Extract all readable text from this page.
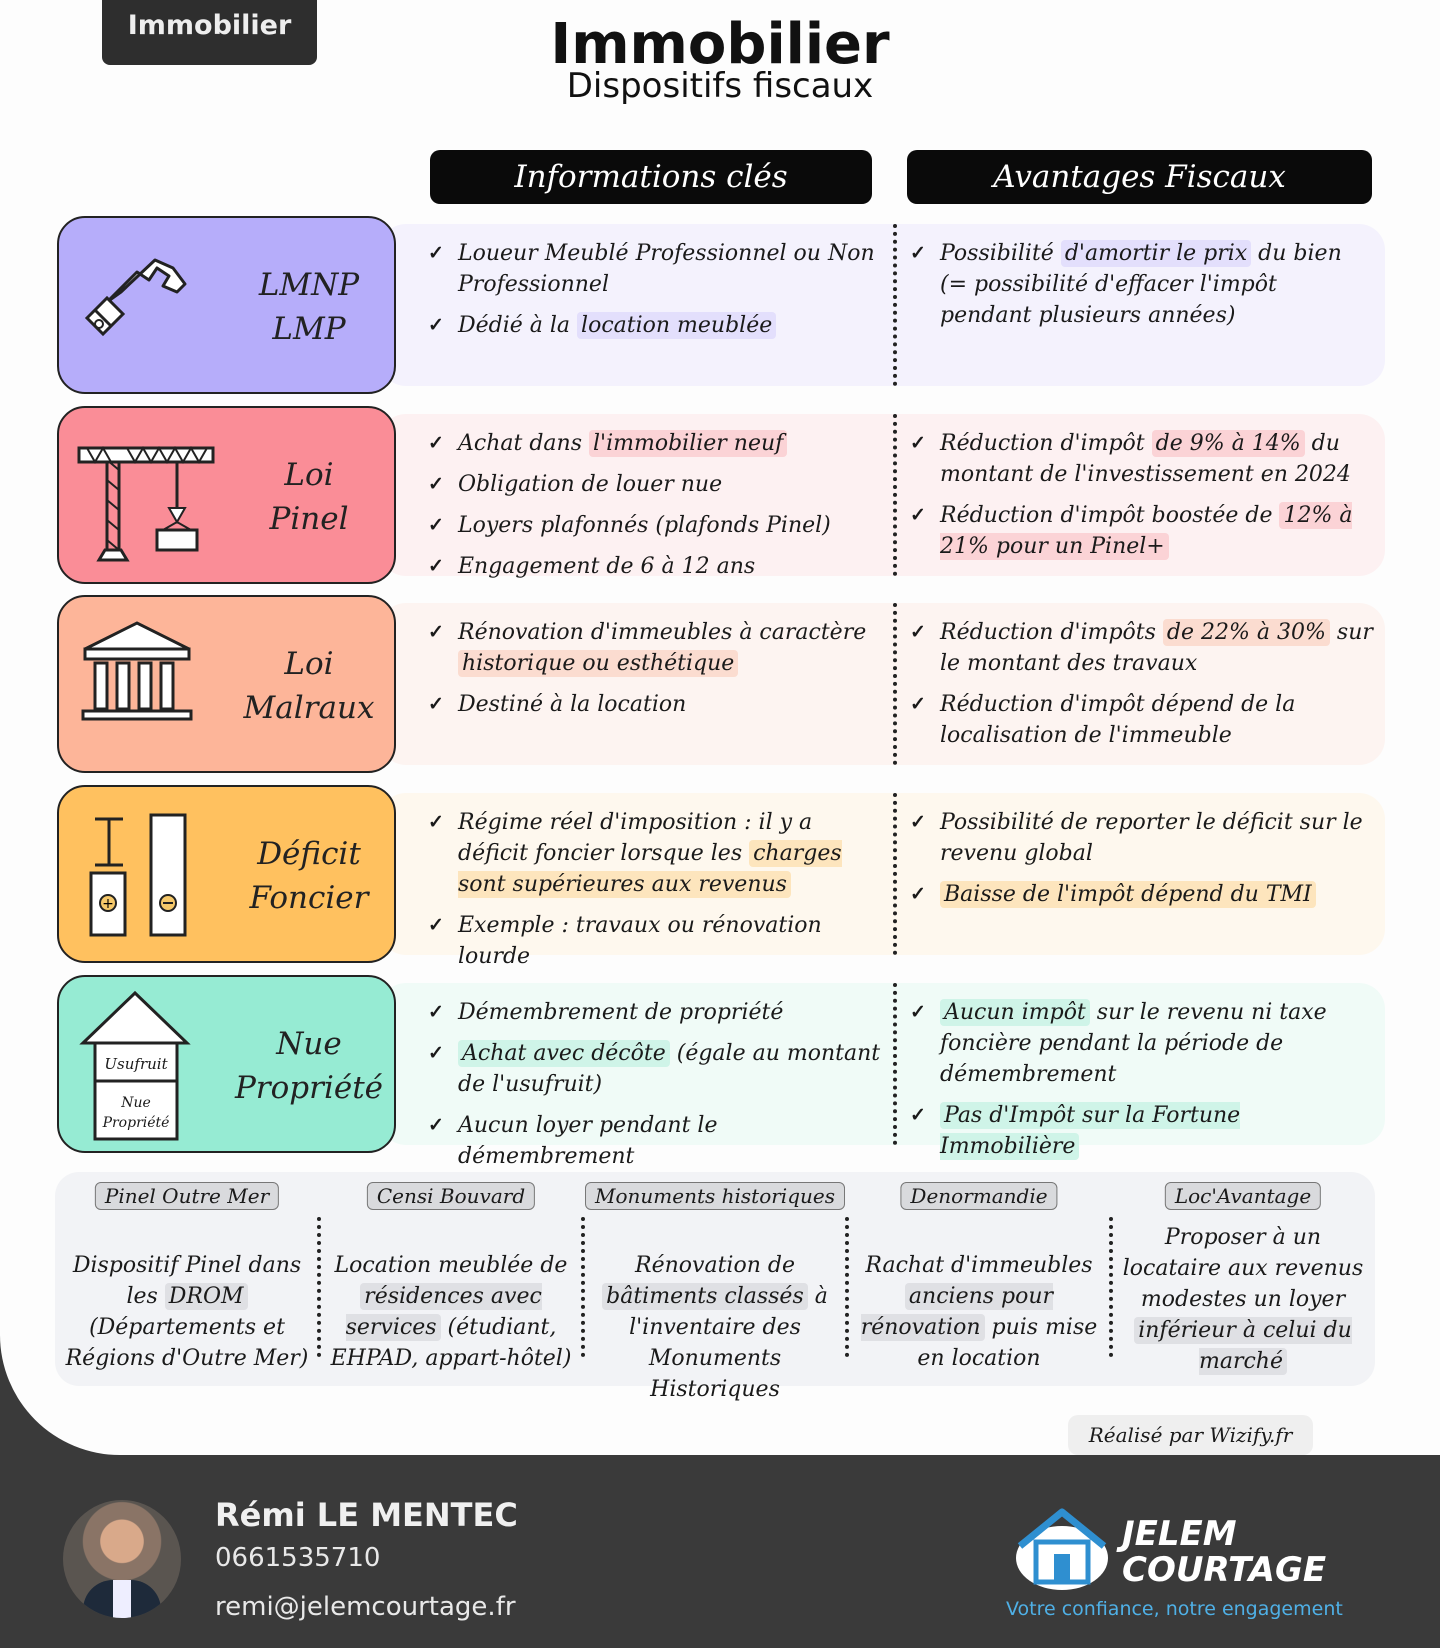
Immobilier	Immobilier
Dispositifs fiscaux
Informations clés	Avantages Fiscaux
LMNP
LMP
✓ Loueur Meublé Professionnel ou Non Professionnel
✓ Dédié à la location meublée
✓ Possibilité d'amortir le prix du bien (= possibilité d'effacer l'impôt pendant plusieurs années)
Loi
Pinel
✓ Achat dans l'immobilier neuf
✓ Obligation de louer nue
✓ Loyers plafonnés (plafonds Pinel)
✓ Engagement de 6 à 12 ans
✓ Réduction d'impôt de 9% à 14% du montant de l'investissement en 2024
✓ Réduction d'impôt boostée de 12% à 21% pour un Pinel+
Loi
Malraux
✓ Rénovation d'immeubles à caractère historique ou esthétique
✓ Destiné à la location
✓ Réduction d'impôts de 22% à 30% sur le montant des travaux
✓ Réduction d'impôt dépend de la localisation de l'immeuble
+
Déficit
Foncier
✓ Régime réel d'imposition : il y a déficit foncier lorsque les charges sont supérieures aux revenus
✓ Exemple : travaux ou rénovation lourde
✓ Possibilité de reporter le déficit sur le revenu global
✓ Baisse de l'impôt dépend du TMI
Usufruit
Nue Propriété
Nue
Propriété
✓ Démembrement de propriété
✓ Achat avec décôte (égale au montant de l'usufruit)
✓ Aucun loyer pendant le démembrement
✓ Aucun impôt sur le revenu ni taxe foncière pendant la période de démembrement
✓ Pas d'Impôt sur la Fortune Immobilière
Pinel Outre Mer
Dispositif Pinel dans les DROM (Départements et Régions d'Outre Mer)
Censi Bouvard
Location meublée de résidences avec services (étudiant, EHPAD, appart-hôtel)
Monuments historiques
Rénovation de bâtiments classés à l'inventaire des Monuments Historiques
Denormandie
Rachat d'immeubles anciens pour rénovation puis mise en location
Loc'Avantage
Proposer à un locataire aux revenus modestes un loyer inférieur à celui du marché
Réalisé par Wizify.fr
Rémi LE MENTEC
0661535710
remi@jelemcourtage.fr
JELEM
COURTAGE
Votre confiance, notre engagement
